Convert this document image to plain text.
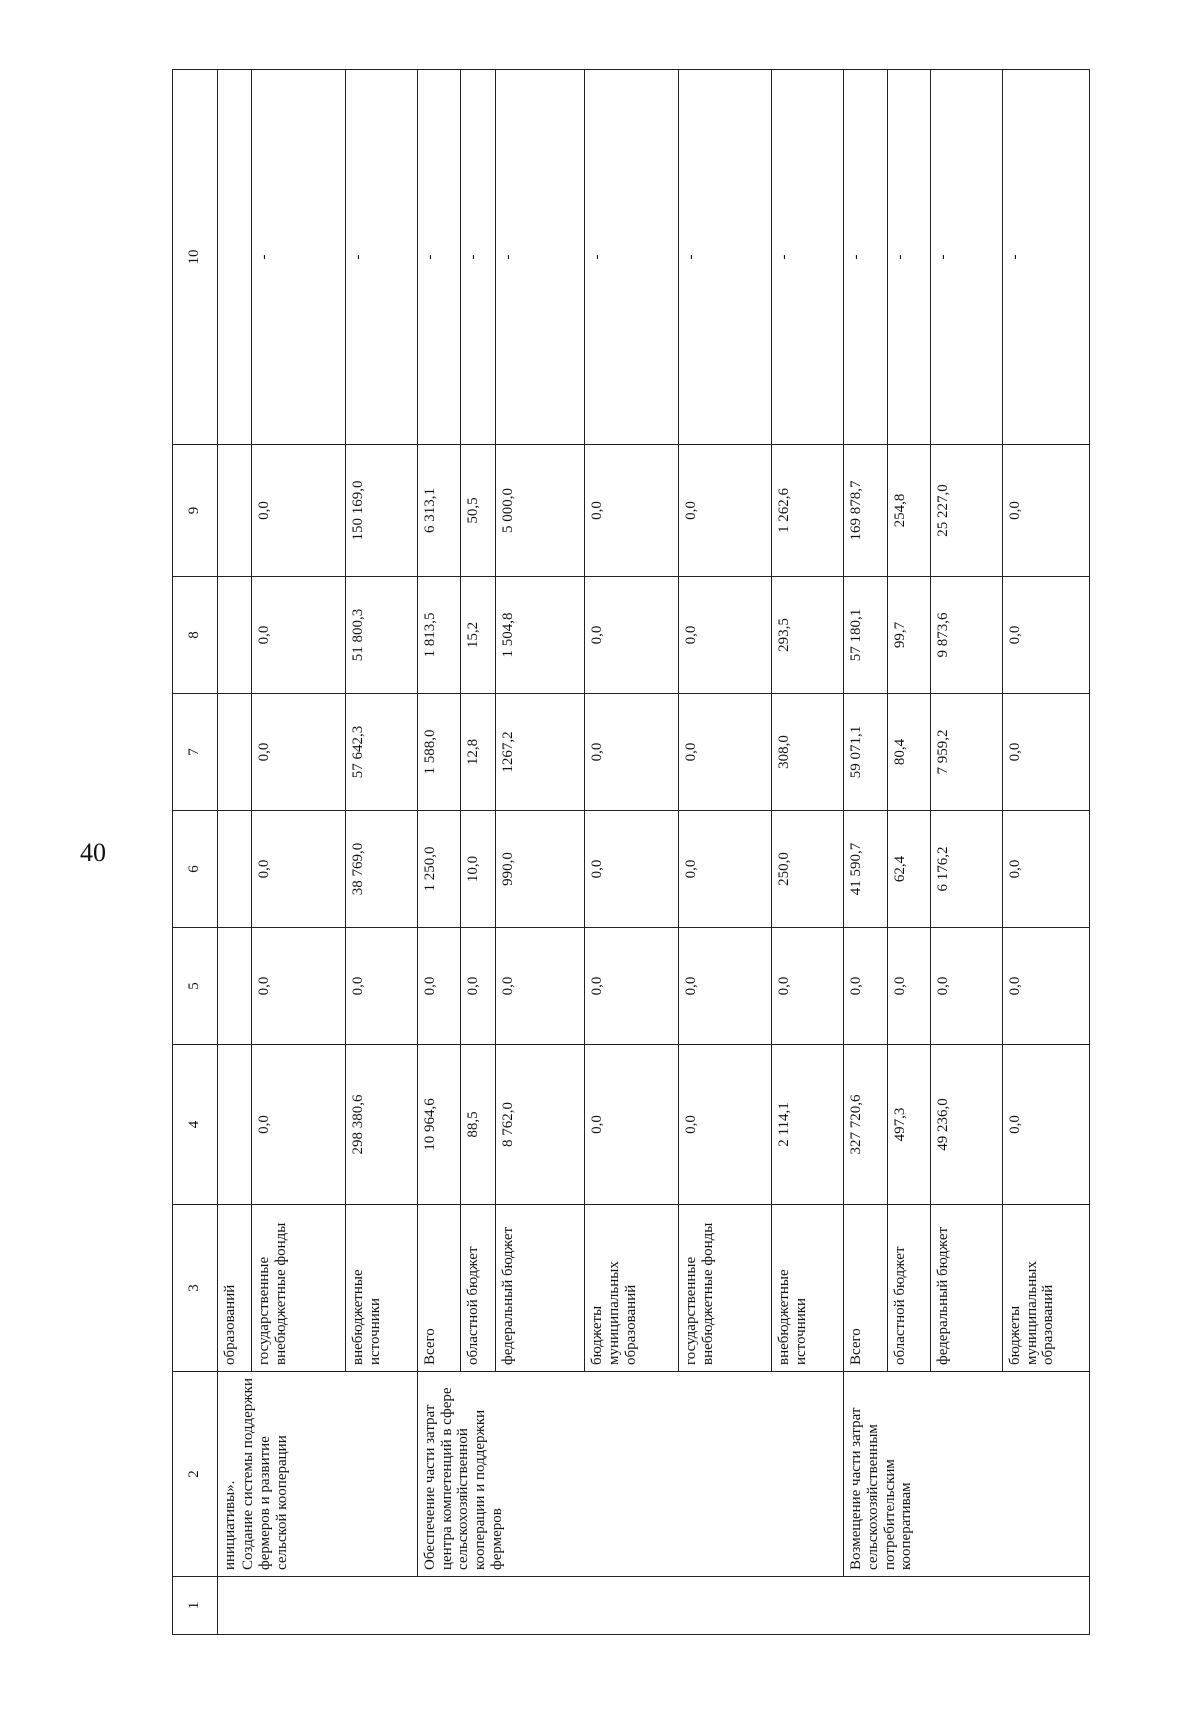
40
1	2	3	4	5	6	7	8	9	10

	инициативы». Создание системы поддержки фермеров и развитие сельской кооперации	образований							
		государственные внебюджетные фонды	0,0	0,0	0,0	0,0	0,0	0,0	-
		внебюджетные источники	298 380,6	0,0	38 769,0	57 642,3	51 800,3	150 169,0	-

	Обеспечение части затрат центра компетенций в сфере сельскохозяйственной кооперации и поддержки фермеров	Всего	10 964,6	0,0	1 250,0	1 588,0	1 813,5	6 313,1	-
		областной бюджет	88,5	0,0	10,0	12,8	15,2	50,5	-
		федеральный бюджет	8 762,0	0,0	990,0	1267,2	1 504,8	5 000,0	-
		бюджеты муниципальных образований	0,0	0,0	0,0	0,0	0,0	0,0	-
		государственные внебюджетные фонды	0,0	0,0	0,0	0,0	0,0	0,0	-
		внебюджетные источники	2 114,1	0,0	250,0	308,0	293,5	1 262,6	-

	Возмещение части затрат сельскохозяйственным потребительским кооперативам	Всего	327 720,6	0,0	41 590,7	59 071,1	57 180,1	169 878,7	-
		областной бюджет	497,3	0,0	62,4	80,4	99,7	254,8	-
		федеральный бюджет	49 236,0	0,0	6 176,2	7 959,2	9 873,6	25 227,0	-
		бюджеты муниципальных образований	0,0	0,0	0,0	0,0	0,0	0,0	-
